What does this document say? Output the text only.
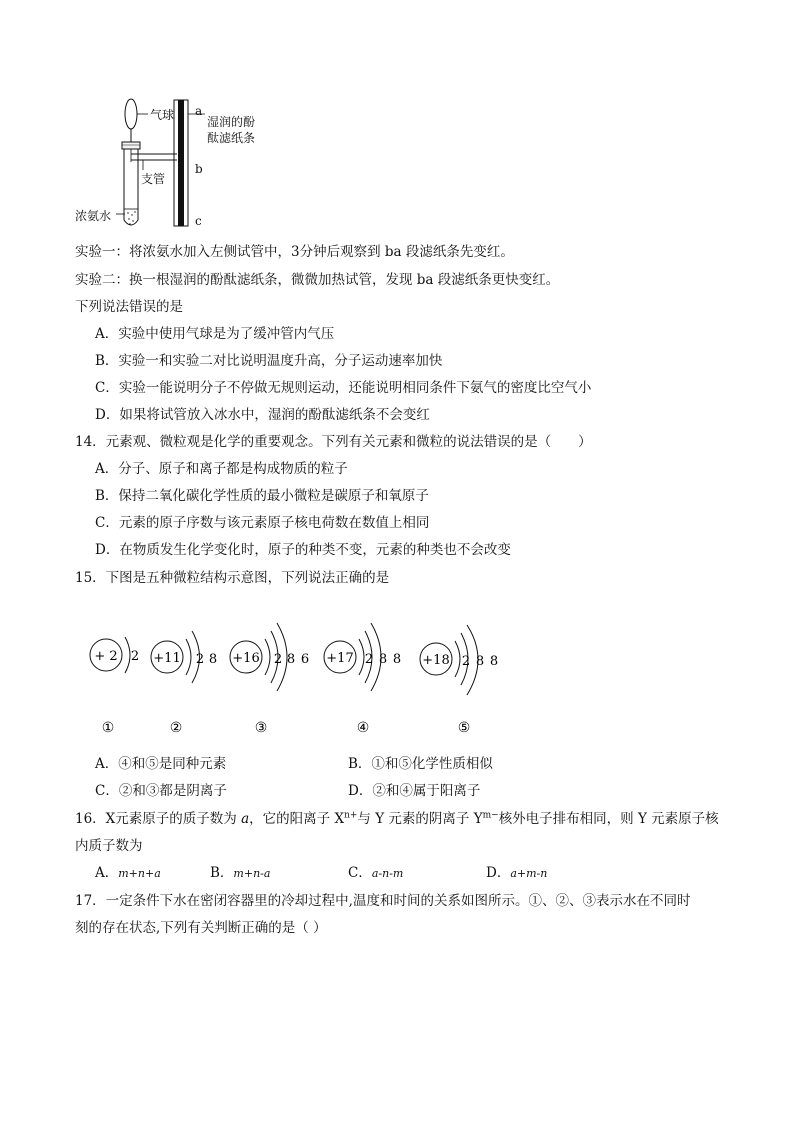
气球 a
湿润的酚
酞滤纸条
b
支管
浓氨水	c
实验一：将浓氨水加入左侧试管中，3分钟后观察到 ba 段滤纸条先变红。
实验二：换一根湿润的酚酞滤纸条，微微加热试管，发现 ba 段滤纸条更快变红。
下列说法错误的是
A．实验中使用气球是为了缓冲管内气压
B．实验一和实验二对比说明温度升高，分子运动速率加快
C．实验一能说明分子不停做无规则运动，还能说明相同条件下氨气的密度比空气小
D．如果将试管放入冰水中，湿润的酚酞滤纸条不会变红
14．元素观、微粒观是化学的重要观念。下列有关元素和微粒的说法错误的是（　　）
A．分子、原子和离子都是构成物质的粒子
B．保持二氧化碳化学性质的最小微粒是碳原子和氧原子
C．元素的原子序数与该元素原子核电荷数在数值上相同
D．在物质发生化学变化时，原子的种类不变，元素的种类也不会改变
15．下图是五种微粒结构示意图，下列说法正确的是
+ 2 2 +11 2 8 +16 2 8 6 +17 2 8 8 +18 2 8 8
①	②	③	④	⑤
A．④和⑤是同种元素	B．①和⑤化学性质相似
C．②和③都是阴离子	D．②和④属于阳离子
16．X元素原子的质子数为 a，它的阳离子 $X^{n+}$与 Y 元素的阴离子 $Y^{m-}$核外电子排布相同，则 Y 元素原子核
内质子数为
A．m+n+a	B．m+n-a	C．a-n-m	D．a+m-n
17．一定条件下水在密闭容器里的冷却过程中,温度和时间的关系如图所示。①、②、③表示水在不同时
刻的存在状态,下列有关判断正确的是（ ）
